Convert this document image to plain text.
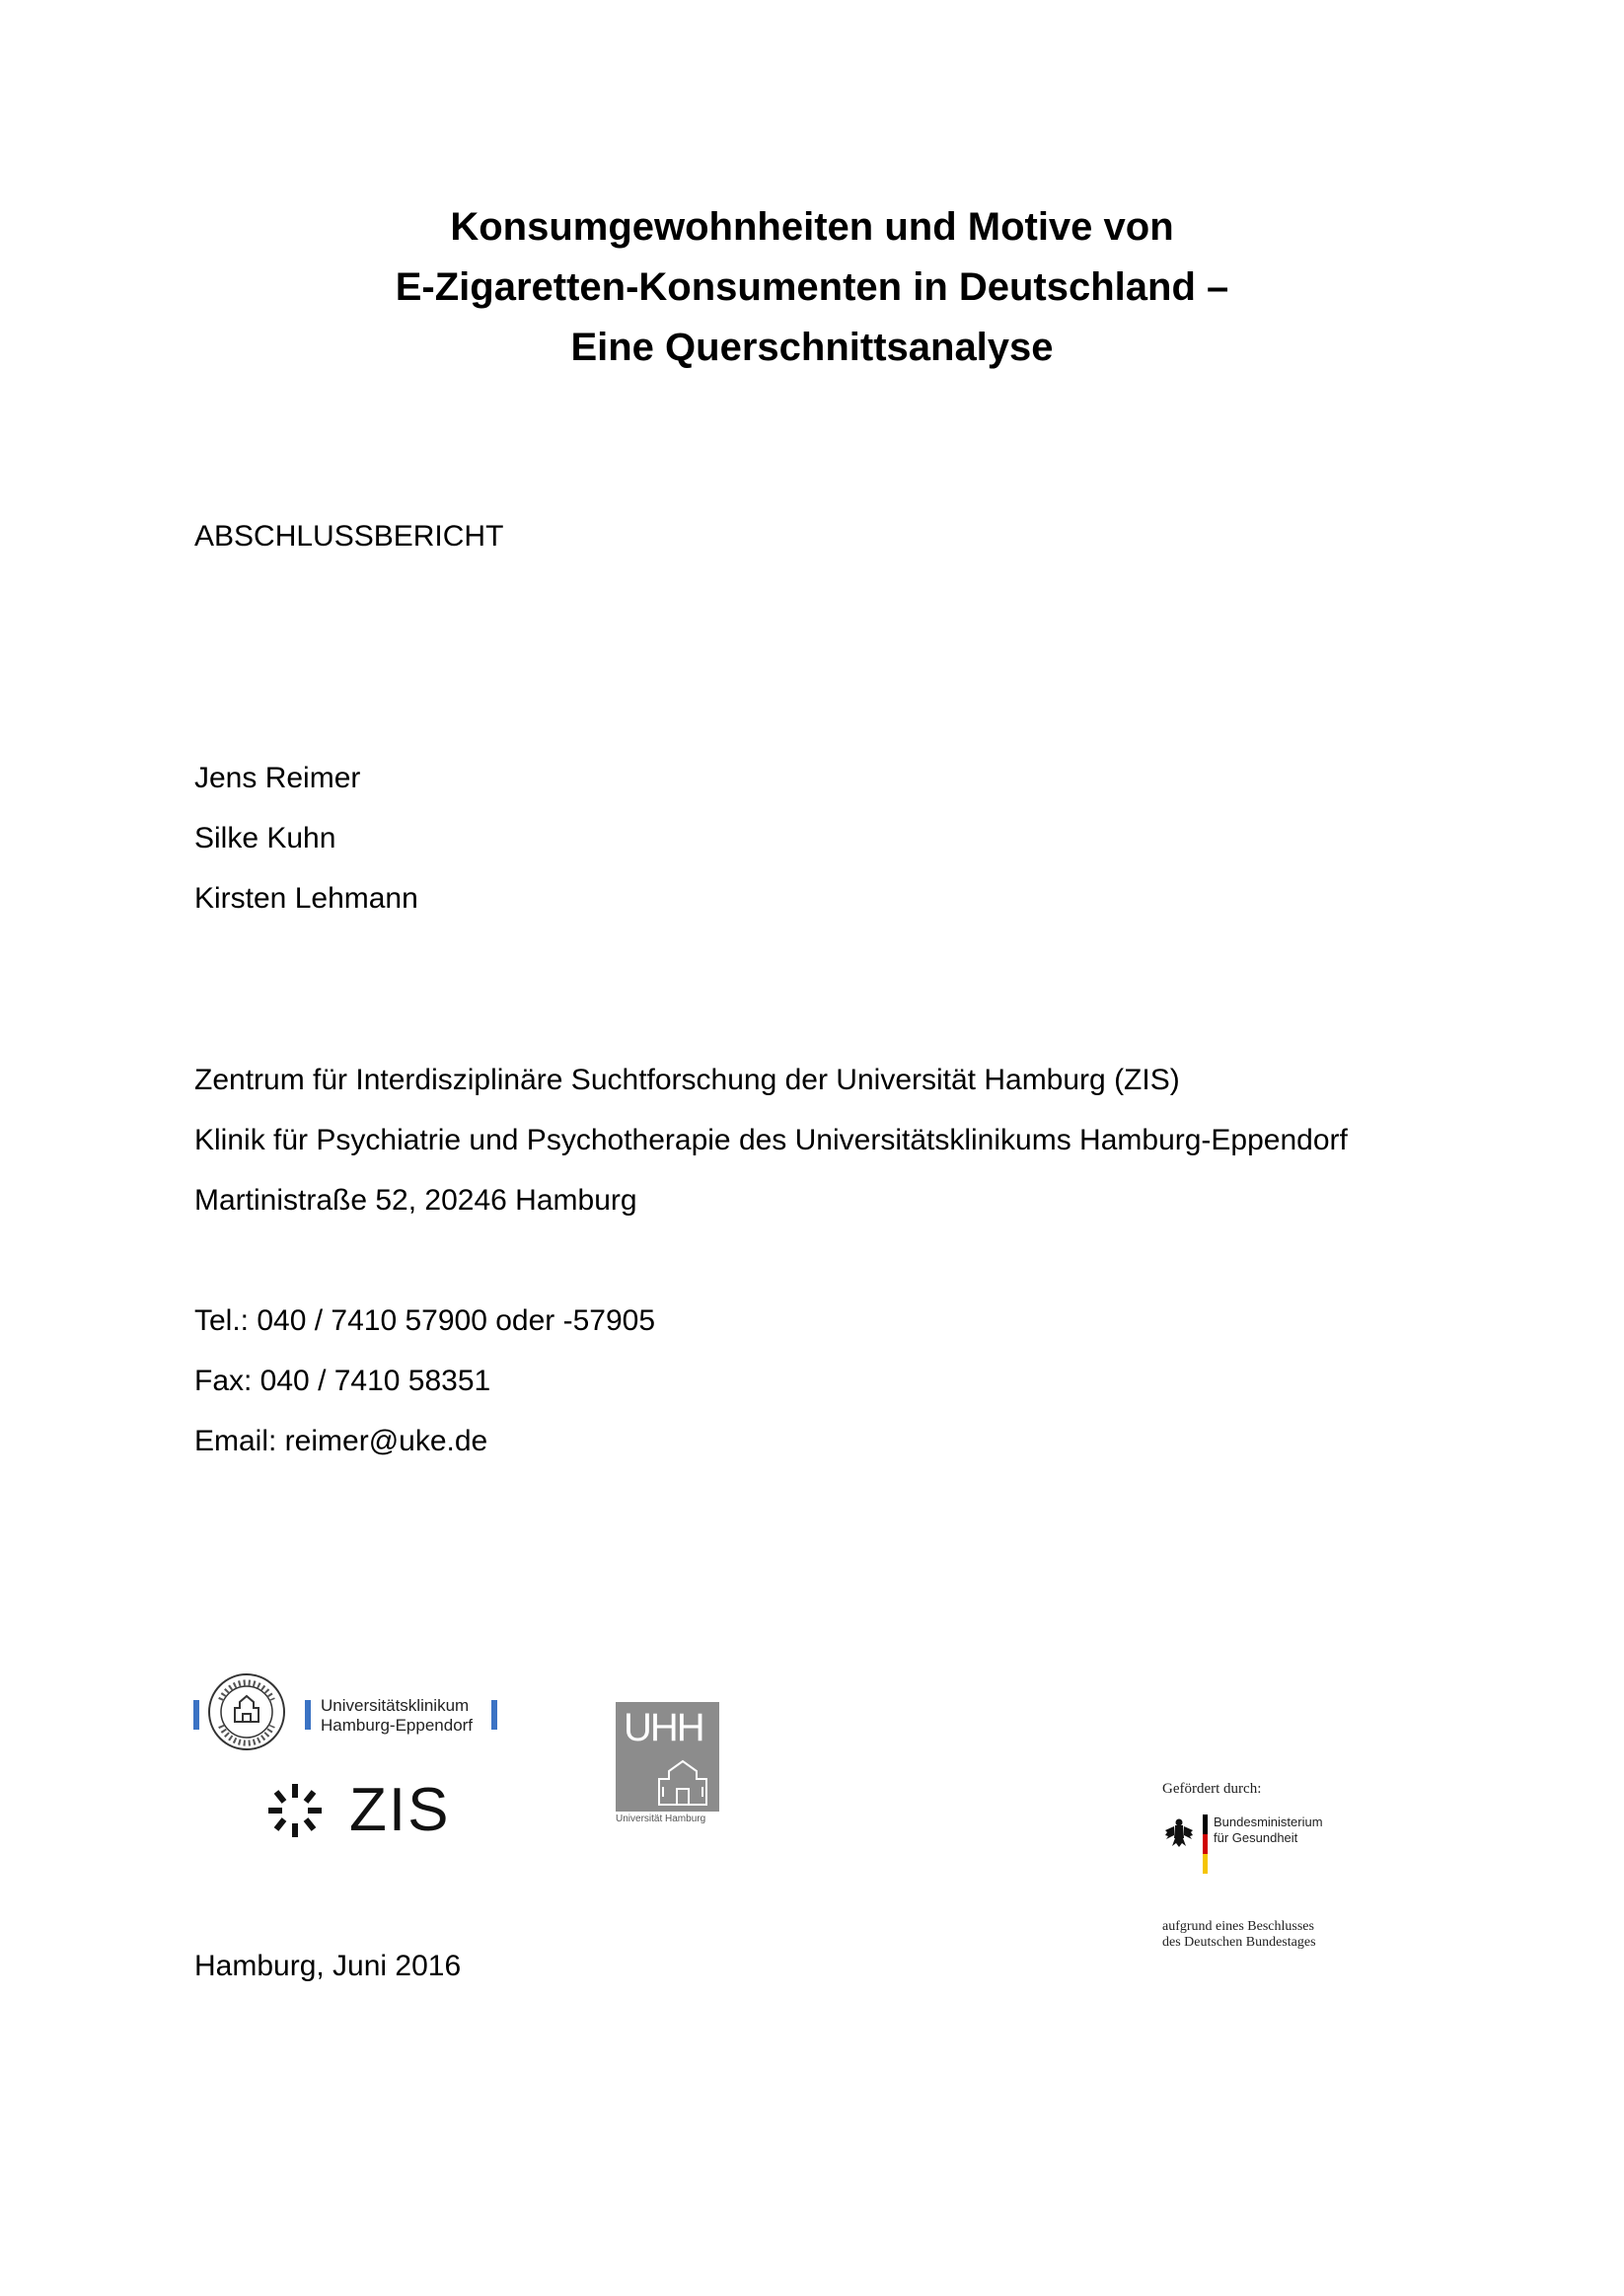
Konsumgewohnheiten und Motive von
E-Zigaretten-Konsumenten in Deutschland –
Eine Querschnittsanalyse
ABSCHLUSSBERICHT
Jens Reimer
Silke Kuhn
Kirsten Lehmann
Zentrum für Interdisziplinäre Suchtforschung der Universität Hamburg (ZIS)
Klinik für Psychiatrie und Psychotherapie des Universitätsklinikums Hamburg-Eppendorf
Martinistraße 52, 20246 Hamburg
Tel.: 040 / 7410 57900 oder -57905
Fax: 040 / 7410 58351
Email: reimer@uke.de
Universitätsklinikum
Hamburg-Eppendorf
ZIS
UHH
Universität Hamburg
Gefördert durch:
Bundesministerium
für Gesundheit
aufgrund eines Beschlusses
des Deutschen Bundestages
Hamburg, Juni 2016
